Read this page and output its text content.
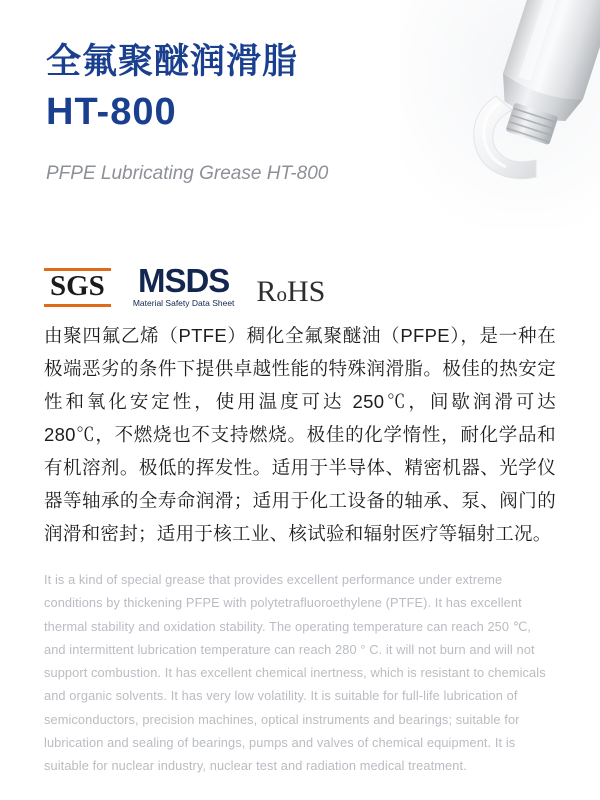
全氟聚醚润滑脂
HT-800
PFPE Lubricating Grease HT-800
SGS MSDS
Material Safety Data Sheet RoHS
由聚四氟乙烯（PTFE）稠化全氟聚醚油（PFPE），是一种在极端恶劣的条件下提供卓越性能的特殊润滑脂。极佳的热安定性和氧化安定性，使用温度可达 250℃，间歇润滑可达 280℃，不燃烧也不支持燃烧。极佳的化学惰性，耐化学品和有机溶剂。极低的挥发性。适用于半导体、精密机器、光学仪器等轴承的全寿命润滑；适用于化工设备的轴承、泵、阀门的润滑和密封；适用于核工业、核试验和辐射医疗等辐射工况。
It is a kind of special grease that provides excellent performance under extreme conditions by thickening PFPE with polytetrafluoroethylene (PTFE). It has excellent thermal stability and oxidation stability. The operating temperature can reach 250 ℃, and intermittent lubrication temperature can reach 280 ° C. it will not burn and will not support combustion. It has excellent chemical inertness, which is resistant to chemicals and organic solvents. It has very low volatility. It is suitable for full-life lubrication of semiconductors, precision machines, optical instruments and bearings; suitable for lubrication and sealing of bearings, pumps and valves of chemical equipment. It is suitable for nuclear industry, nuclear test and radiation medical treatment.
